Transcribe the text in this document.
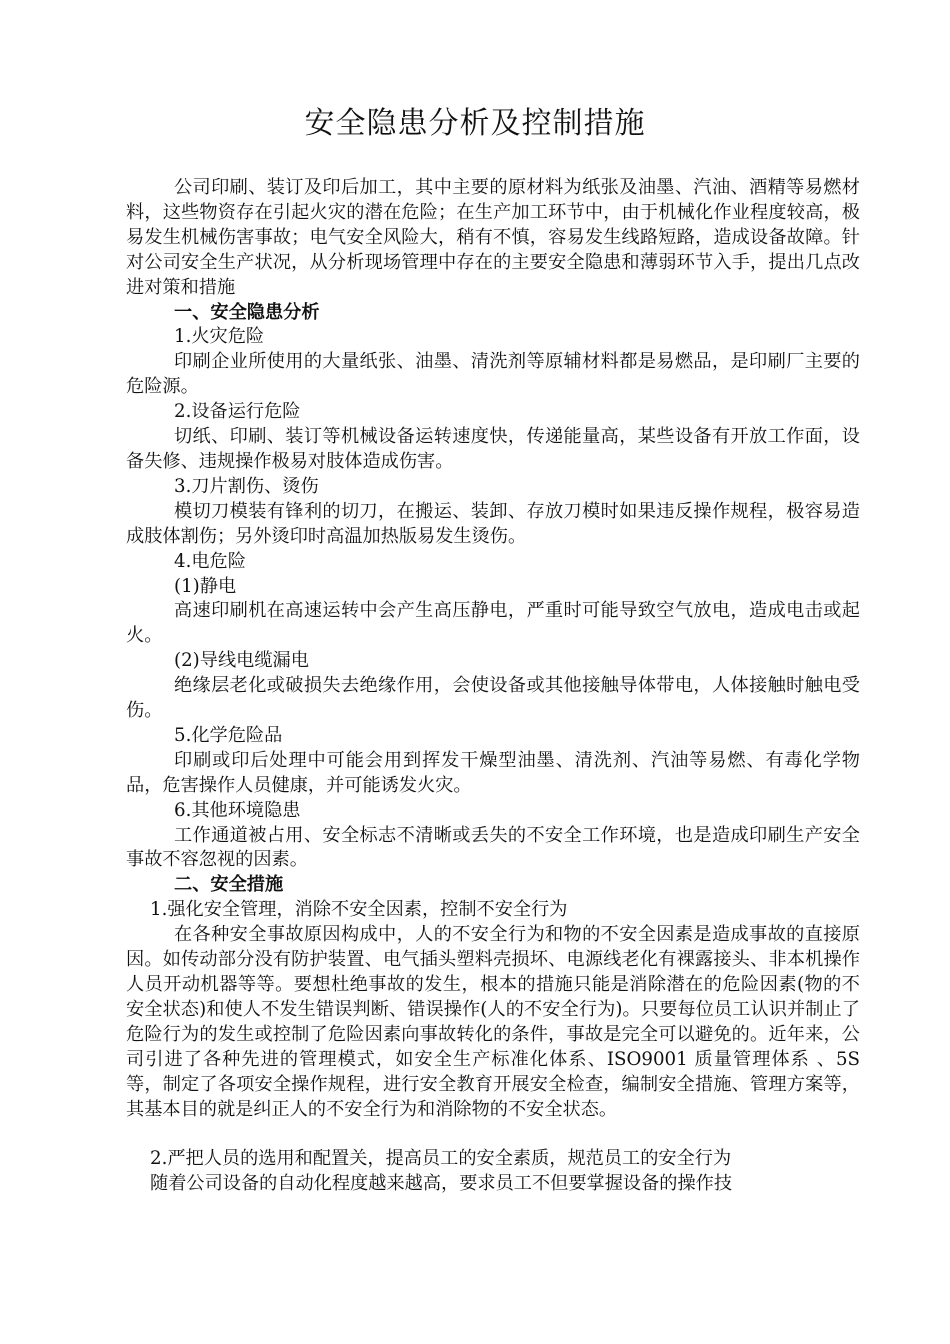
安全隐患分析及控制措施

公司印刷、装订及印后加工，其中主要的原材料为纸张及油墨、汽油、酒精等易燃材料，这些物资存在引起火灾的潜在危险；在生产加工环节中，由于机械化作业程度较高，极易发生机械伤害事故；电气安全风险大，稍有不慎，容易发生线路短路，造成设备故障。针对公司安全生产状况，从分析现场管理中存在的主要安全隐患和薄弱环节入手，提出几点改进对策和措施

一、安全隐患分析

1.火灾危险

印刷企业所使用的大量纸张、油墨、清洗剂等原辅材料都是易燃品，是印刷厂主要的危险源。

2.设备运行危险

切纸、印刷、装订等机械设备运转速度快，传递能量高，某些设备有开放工作面，设备失修、违规操作极易对肢体造成伤害。

3.刀片割伤、烫伤

模切刀模装有锋利的切刀，在搬运、装卸、存放刀模时如果违反操作规程，极容易造成肢体割伤；另外烫印时高温加热版易发生烫伤。

4.电危险

(1)静电

高速印刷机在高速运转中会产生高压静电，严重时可能导致空气放电，造成电击或起火。

(2)导线电缆漏电

绝缘层老化或破损失去绝缘作用，会使设备或其他接触导体带电，人体接触时触电受伤。

5.化学危险品

印刷或印后处理中可能会用到挥发干燥型油墨、清洗剂、汽油等易燃、有毒化学物品，危害操作人员健康，并可能诱发火灾。

6.其他环境隐患

工作通道被占用、安全标志不清晰或丢失的不安全工作环境，也是造成印刷生产安全事故不容忽视的因素。

二、安全措施

1.强化安全管理，消除不安全因素，控制不安全行为

在各种安全事故原因构成中，人的不安全行为和物的不安全因素是造成事故的直接原因。如传动部分没有防护装置、电气插头塑料壳损坏、电源线老化有裸露接头、非本机操作人员开动机器等等。要想杜绝事故的发生，根本的措施只能是消除潜在的危险因素(物的不安全状态)和使人不发生错误判断、错误操作(人的不安全行为)。只要每位员工认识并制止了危险行为的发生或控制了危险因素向事故转化的条件，事故是完全可以避免的。近年来，公司引进了各种先进的管理模式，如安全生产标准化体系、ISO9001 质量管理体系 、5S 等，制定了各项安全操作规程，进行安全教育开展安全检查，编制安全措施、管理方案等，其基本目的就是纠正人的不安全行为和消除物的不安全状态。

2.严把人员的选用和配置关，提高员工的安全素质，规范员工的安全行为

随着公司设备的自动化程度越来越高，要求员工不但要掌握设备的操作技
